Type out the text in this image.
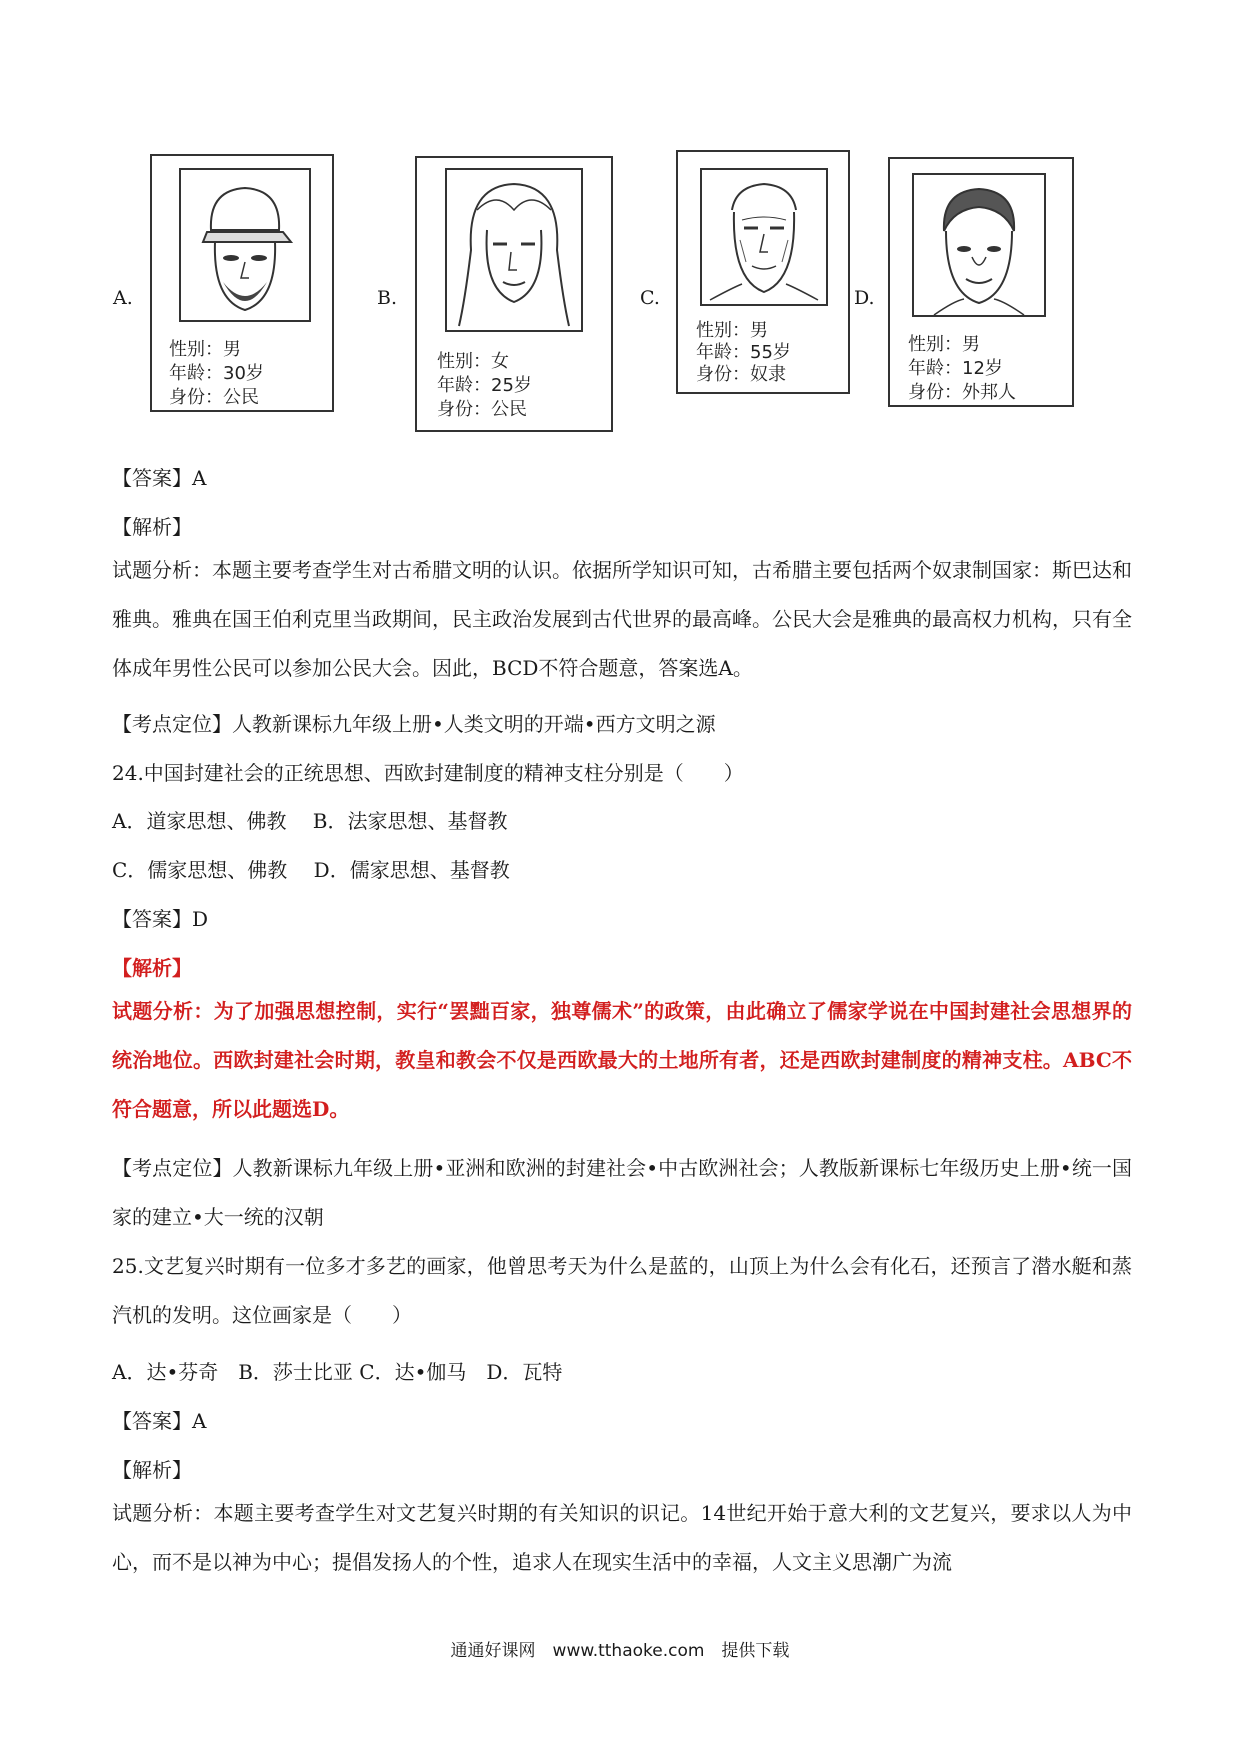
A.
性别：男
年龄：30岁
身份：公民
B.
性别：女
年龄：25岁
身份：公民
C.
性别：男
年龄：55岁
身份：奴隶
D.
性别：男
年龄：12岁
身份：外邦人
【答案】A
【解析】
试题分析：本题主要考查学生对古希腊文明的认识。依据所学知识可知，古希腊主要包括两个奴隶制国家：斯巴达和雅典。雅典在国王伯利克里当政期间，民主政治发展到古代世界的最高峰。公民大会是雅典的最高权力机构，只有全体成年男性公民可以参加公民大会。因此，BCD不符合题意，答案选A。
【考点定位】人教新课标九年级上册•人类文明的开端•西方文明之源
24.中国封建社会的正统思想、西欧封建制度的精神支柱分别是（　　）
A．道家思想、佛教　 B．法家思想、基督教
C．儒家思想、佛教　 D．儒家思想、基督教
【答案】D
【解析】
试题分析：为了加强思想控制，实行“罢黜百家，独尊儒术”的政策，由此确立了儒家学说在中国封建社会思想界的统治地位。西欧封建社会时期，教皇和教会不仅是西欧最大的土地所有者，还是西欧封建制度的精神支柱。ABC不符合题意，所以此题选D。
【考点定位】人教新课标九年级上册•亚洲和欧洲的封建社会•中古欧洲社会；人教版新课标七年级历史上册•统一国家的建立•大一统的汉朝
25.文艺复兴时期有一位多才多艺的画家，他曾思考天为什么是蓝的，山顶上为什么会有化石，还预言了潜水艇和蒸汽机的发明。这位画家是（　　）
A．达•芬奇　B．莎士比亚 C．达•伽马　D．瓦特
【答案】A
【解析】
试题分析：本题主要考查学生对文艺复兴时期的有关知识的识记。14世纪开始于意大利的文艺复兴，要求以人为中心，而不是以神为中心；提倡发扬人的个性，追求人在现实生活中的幸福，人文主义思潮广为流
通通好课网　www.tthaoke.com　提供下载
